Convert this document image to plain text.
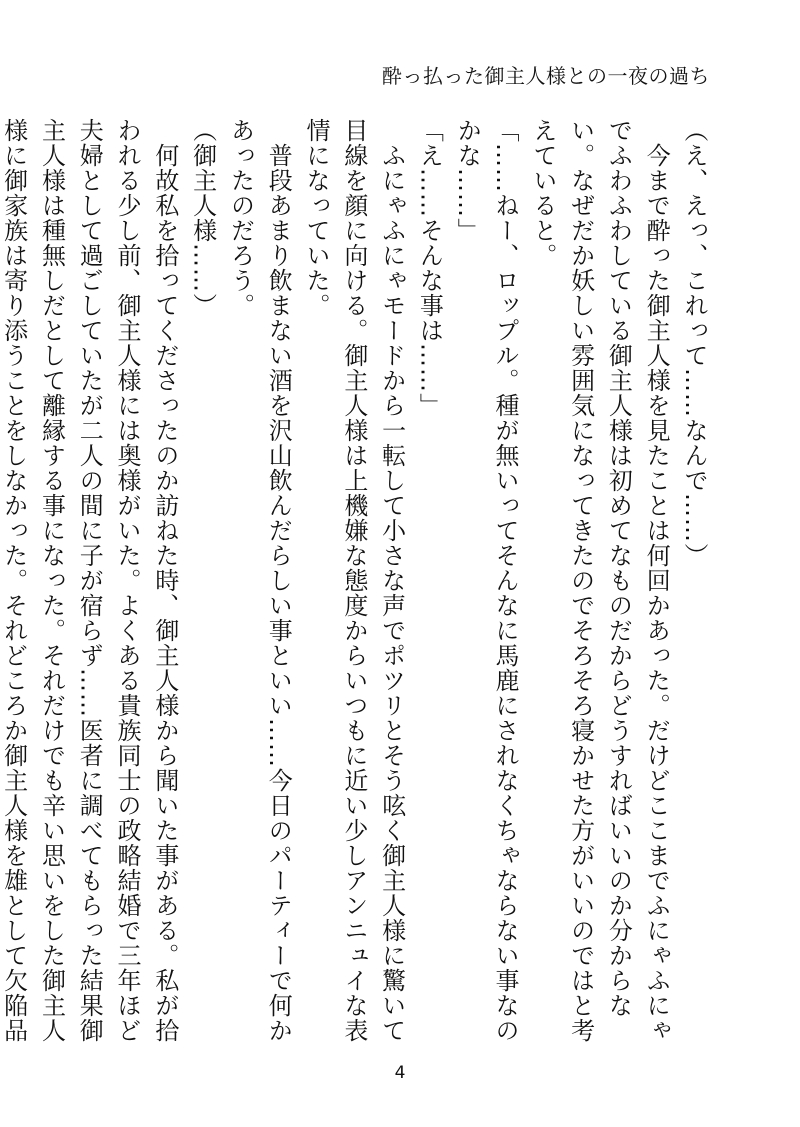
酔っ払った御主人様との一夜の過ち

（え、えっ、これって……なんで……）

　今まで酔った御主人様を見たことは何回かあった。だけどここまでふにゃふにゃでふわふわしている御主人様は初めてなものだからどうすればいいのか分からない。なぜだか妖しい雰囲気になってきたのでそろそろ寝かせた方がいいのではと考えていると。

「……ねー、ロップル。種が無いってそんなに馬鹿にされなくちゃならない事なのかな……」

「え……そんな事は……」

　ふにゃふにゃモードから一転して小さな声でポツリとそう呟く御主人様に驚いて目線を顔に向ける。御主人様は上機嫌な態度からいつもに近い少しアンニュイな表情になっていた。

　普段あまり飲まない酒を沢山飲んだらしい事といい……今日のパーティーで何かあったのだろう。

（御主人様……）

　何故私を拾ってくださったのか訪ねた時、御主人様から聞いた事がある。私が拾われる少し前、御主人様には奥様がいた。よくある貴族同士の政略結婚で三年ほど夫婦として過ごしていたが二人の間に子が宿らず……医者に調べてもらった結果御主人様は種無しだとして離縁する事になった。それだけでも辛い思いをした御主人様に御家族は寄り添うことをしなかった。それどころか御主人様を雄として欠陥品

4
